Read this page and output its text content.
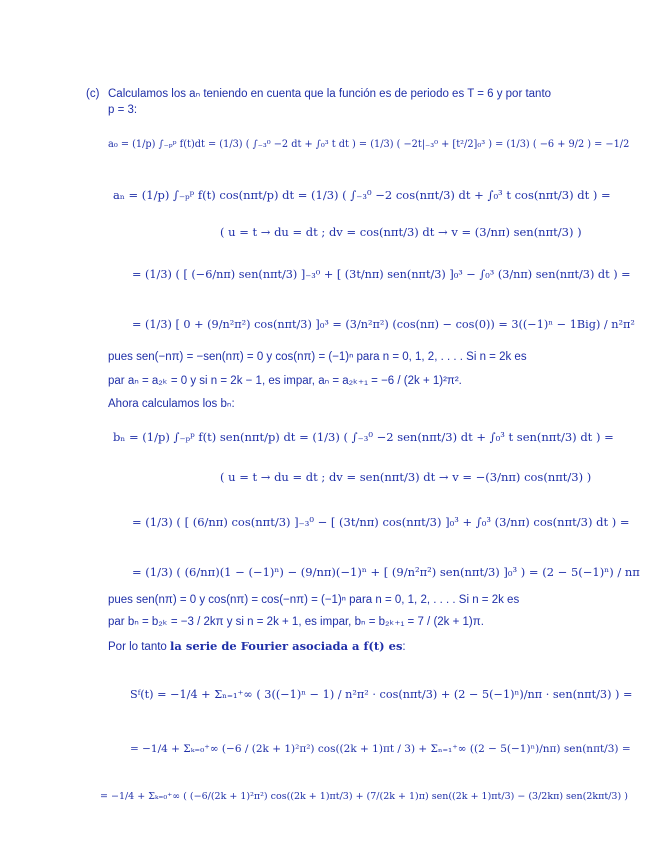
(c) Calculamos los aₙ teniendo en cuenta que la función es de periodo es T = 6 y por tanto
p = 3:
a₀ = (1/p) ∫₋ₚᵖ f(t)dt = (1/3) ( ∫₋₃⁰ −2 dt + ∫₀³ t dt ) = (1/3) ( −2t|₋₃⁰ + [t²/2]₀³ ) = (1/3) ( −6 + 9/2 ) = −1/2
aₙ = (1/p) ∫₋ₚᵖ f(t) cos(nπt/p) dt = (1/3) ( ∫₋₃⁰ −2 cos(nπt/3) dt + ∫₀³ t cos(nπt/3) dt ) =
( u = t → du = dt ; dv = cos(nπt/3) dt → v = (3/nπ) sen(nπt/3) )
= (1/3) ( [ (−6/nπ) sen(nπt/3) ]₋₃⁰ + [ (3t/nπ) sen(nπt/3) ]₀³ − ∫₀³ (3/nπ) sen(nπt/3) dt ) =
= (1/3) [ 0 + (9/n²π²) cos(nπt/3) ]₀³ = (3/n²π²) (cos(nπ) − cos(0)) = 3((−1)ⁿ − 1Big) / n²π²
pues sen(−nπ) = −sen(nπ) = 0 y cos(nπ) = (−1)ⁿ para n = 0, 1, 2, . . . . Si n = 2k es
par aₙ = a₂ₖ = 0 y si n = 2k − 1, es impar, aₙ = a₂ₖ₊₁ = −6 / (2k + 1)²π².
Ahora calculamos los bₙ:
bₙ = (1/p) ∫₋ₚᵖ f(t) sen(nπt/p) dt = (1/3) ( ∫₋₃⁰ −2 sen(nπt/3) dt + ∫₀³ t sen(nπt/3) dt ) =
( u = t → du = dt ; dv = sen(nπt/3) dt → v = −(3/nπ) cos(nπt/3) )
= (1/3) ( [ (6/nπ) cos(nπt/3) ]₋₃⁰ − [ (3t/nπ) cos(nπt/3) ]₀³ + ∫₀³ (3/nπ) cos(nπt/3) dt ) =
= (1/3) ( (6/nπ)(1 − (−1)ⁿ) − (9/nπ)(−1)ⁿ + [ (9/n²π²) sen(nπt/3) ]₀³ ) = (2 − 5(−1)ⁿ) / nπ
pues sen(nπ) = 0 y cos(nπ) = cos(−nπ) = (−1)ⁿ para n = 0, 1, 2, . . . . Si n = 2k es
par bₙ = b₂ₖ = −3 / 2kπ y si n = 2k + 1, es impar, bₙ = b₂ₖ₊₁ = 7 / (2k + 1)π.
Por lo tanto la serie de Fourier asociada a f(t) es:
Sᶠ(t) = −1/4 + Σₙ₌₁⁺∞ ( 3((−1)ⁿ − 1) / n²π² · cos(nπt/3) + (2 − 5(−1)ⁿ)/nπ · sen(nπt/3) ) =
= −1/4 + Σₖ₌₀⁺∞ (−6 / (2k + 1)²π²) cos((2k + 1)πt / 3) + Σₙ₌₁⁺∞ ((2 − 5(−1)ⁿ)/nπ) sen(nπt/3) =
= −1/4 + Σₖ₌₀⁺∞ ( (−6/(2k + 1)²π²) cos((2k + 1)πt/3) + (7/(2k + 1)π) sen((2k + 1)πt/3) − (3/2kπ) sen(2kπt/3) )
